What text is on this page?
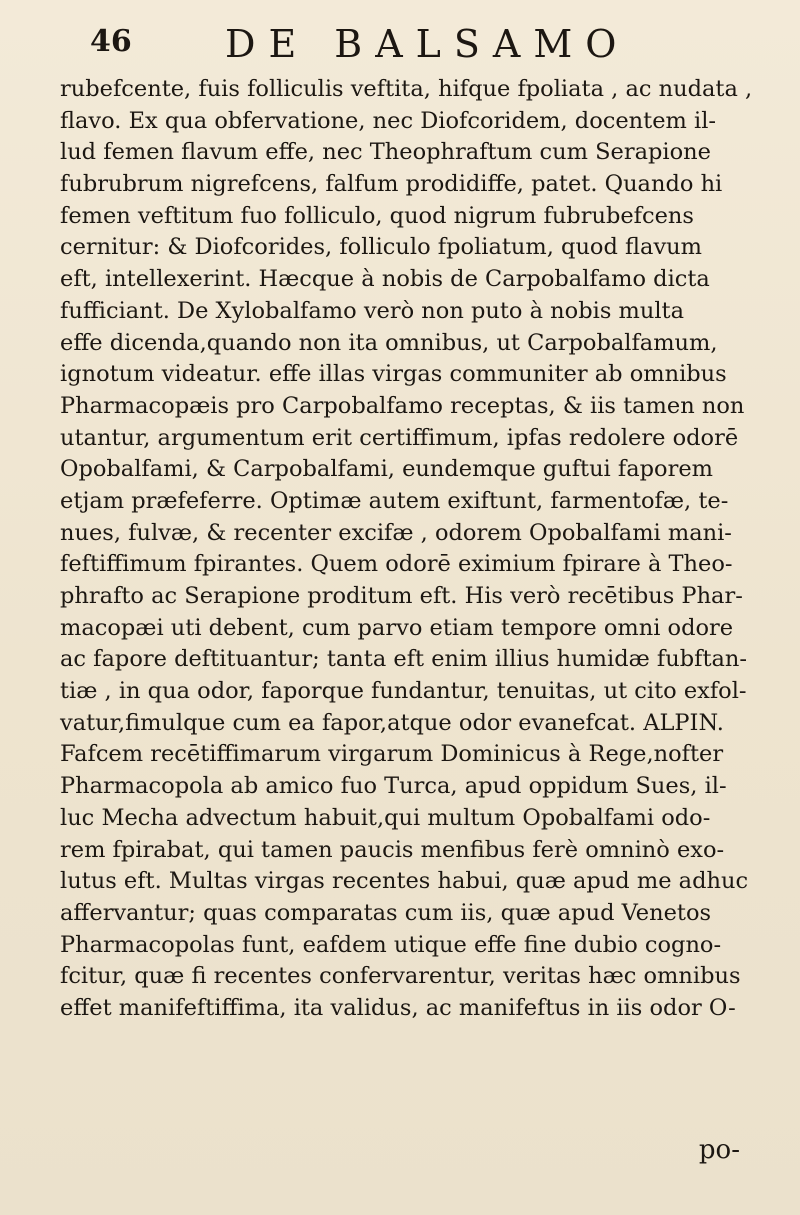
46 DE BALSAMO
rubefcente, fuis folliculis veftita, hifque fpoliata , ac nudata ,
flavo. Ex qua obfervatione, nec Diofcoridem, docentem il-
lud femen flavum effe, nec Theophraftum cum Serapione
fubrubrum nigrefcens, falfum prodidiffe, patet. Quando hi
femen veftitum fuo folliculo, quod nigrum fubrubefcens
cernitur: & Diofcorides, folliculo fpoliatum, quod flavum
eft, intellexerint. Hæcque à nobis de Carpobalfamo dicta
fufficiant. De Xylobalfamo verò non puto à nobis multa
effe dicenda,quando non ita omnibus, ut Carpobalfamum,
ignotum videatur. effe illas virgas communiter ab omnibus
Pharmacopæis pro Carpobalfamo receptas, & iis tamen non
utantur, argumentum erit certiffimum, ipfas redolere odorē
Opobalfami, & Carpobalfami, eundemque guftui faporem
etjam præfeferre. Optimæ autem exiftunt, farmentofæ, te-
nues, fulvæ, & recenter excifæ , odorem Opobalfami mani-
feftiffimum fpirantes. Quem odorē eximium fpirare à Theo-
phrafto ac Serapione proditum eft. His verò recētibus Phar-
macopæi uti debent, cum parvo etiam tempore omni odore
ac fapore deftituantur; tanta eft enim illius humidæ fubftan-
tiæ , in qua odor, faporque fundantur, tenuitas, ut cito exfol-
vatur,fimulque cum ea fapor,atque odor evanefcat. ALPIN.
Fafcem recētiffimarum virgarum Dominicus à Rege,nofter
Pharmacopola ab amico fuo Turca, apud oppidum Sues, il-
luc Mecha advectum habuit,qui multum Opobalfami odo-
rem fpirabat, qui tamen paucis menfibus ferè omninò exo-
lutus eft. Multas virgas recentes habui, quæ apud me adhuc
affervantur; quas comparatas cum iis, quæ apud Venetos
Pharmacopolas funt, eafdem utique effe fine dubio cogno-
fcitur, quæ fi recentes confervarentur, veritas hæc omnibus
effet manifeftiffima, ita validus, ac manifeftus in iis odor O-
po-
